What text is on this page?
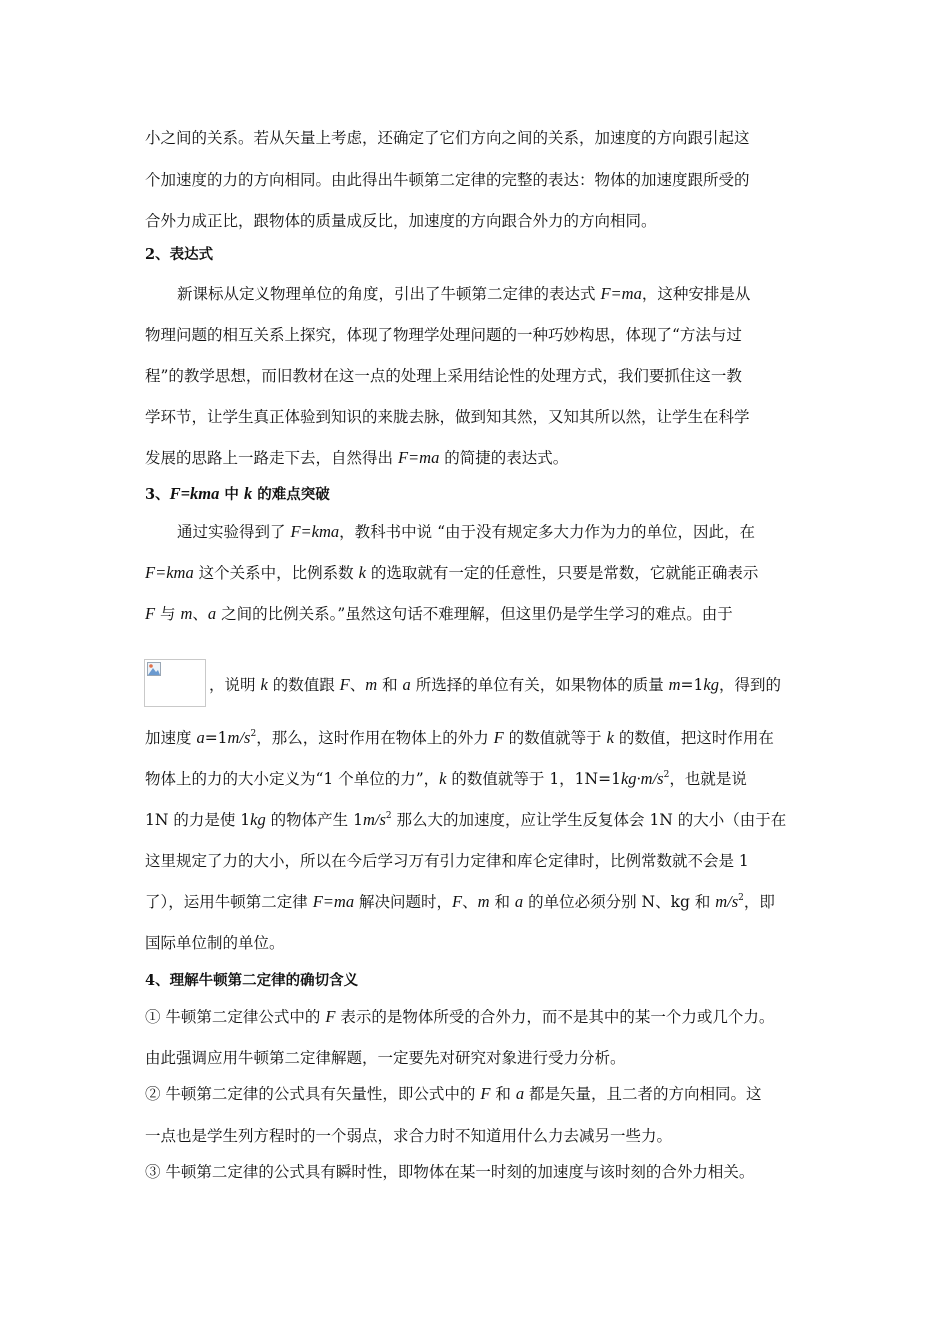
小之间的关系。若从矢量上考虑，还确定了它们方向之间的关系，加速度的方向跟引起这
个加速度的力的方向相同。由此得出牛顿第二定律的完整的表达：物体的加速度跟所受的
合外力成正比，跟物体的质量成反比，加速度的方向跟合外力的方向相同。
2、表达式
新课标从定义物理单位的角度，引出了牛顿第二定律的表达式 F=ma，这种安排是从
物理问题的相互关系上探究，体现了物理学处理问题的一种巧妙构思，体现了“方法与过
程”的教学思想，而旧教材在这一点的处理上采用结论性的处理方式，我们要抓住这一教
学环节，让学生真正体验到知识的来胧去脉，做到知其然，又知其所以然，让学生在科学
发展的思路上一路走下去，自然得出 F=ma 的简捷的表达式。
3、F=kma 中 k 的难点突破
通过实验得到了 F=kma，教科书中说 “由于没有规定多大力作为力的单位，因此，在
F=kma 这个关系中，比例系数 k 的选取就有一定的任意性，只要是常数，它就能正确表示
F 与 m、a 之间的比例关系。”虽然这句话不难理解，但这里仍是学生学习的难点。由于
，说明 k 的数值跟 F、m 和 a 所选择的单位有关，如果物体的质量 m=1kg，得到的
加速度 $a=1m/s^2$，那么，这时作用在物体上的外力 F 的数值就等于 k 的数值，把这时作用在
物体上的力的大小定义为“1 个单位的力”，k 的数值就等于 1，$1N=1kg\cdot m/s^2$，也就是说
1N 的力是使 1kg 的物体产生 $1m/s^2$ 那么大的加速度，应让学生反复体会 1N 的大小（由于在
这里规定了力的大小，所以在今后学习万有引力定律和库仑定律时，比例常数就不会是 1
了），运用牛顿第二定律 F=ma 解决问题时，F、m 和 a 的单位必须分别 N、kg 和 $m/s^2$，即
国际单位制的单位。
4、理解牛顿第二定律的确切含义
① 牛顿第二定律公式中的 F 表示的是物体所受的合外力，而不是其中的某一个力或几个力。
由此强调应用牛顿第二定律解题，一定要先对研究对象进行受力分析。
② 牛顿第二定律的公式具有矢量性，即公式中的 F 和 a 都是矢量，且二者的方向相同。这
一点也是学生列方程时的一个弱点，求合力时不知道用什么力去减另一些力。
③ 牛顿第二定律的公式具有瞬时性，即物体在某一时刻的加速度与该时刻的合外力相关。
